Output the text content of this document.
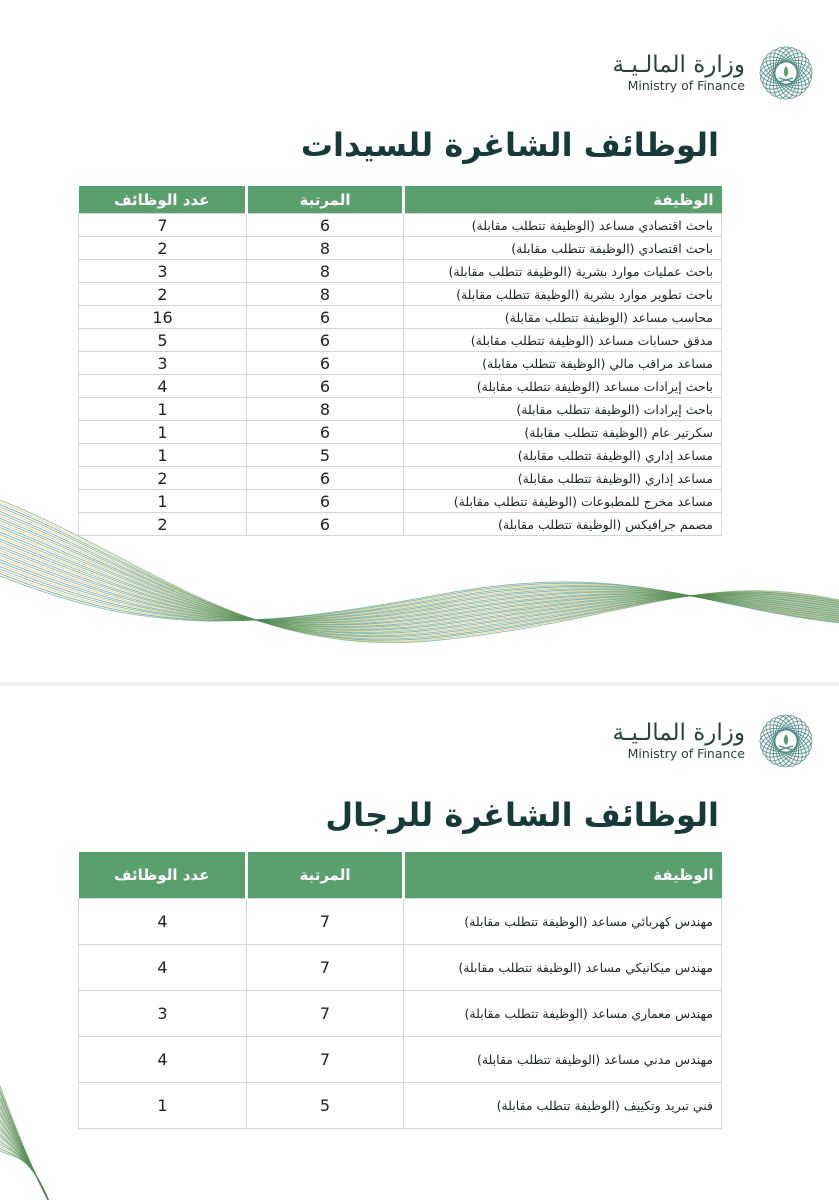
وزارة المالـيـة
Ministry of Finance
الوظائف الشاغرة للسيدات
الوظيفة	المرتبة	عدد الوظائف
باحث اقتصادي مساعد (الوظيفة تتطلب مقابلة)	6	7
باحث اقتصادي (الوظيفة تتطلب مقابلة)	8	2
باحث عمليات موارد بشرية (الوظيفة تتطلب مقابلة)	8	3
باحث تطوير موارد بشرية (الوظيفة تتطلب مقابلة)	8	2
محاسب مساعد (الوظيفة تتطلب مقابلة)	6	16
مدقق حسابات مساعد (الوظيفة تتطلب مقابلة)	6	5
مساعد مراقب مالي (الوظيفة تتطلب مقابلة)	6	3
باحث إيرادات مساعد (الوظيفة تتطلب مقابلة)	6	4
باحث إيرادات (الوظيفة تتطلب مقابلة)	8	1
سكرتير عام (الوظيفة تتطلب مقابلة)	6	1
مساعد إداري (الوظيفة تتطلب مقابلة)	5	1
مساعد إداري (الوظيفة تتطلب مقابلة)	6	2
مساعد مخرج للمطبوعات (الوظيفة تتطلب مقابلة)	6	1
مصمم جرافيكس (الوظيفة تتطلب مقابلة)	6	2
وزارة المالـيـة
Ministry of Finance
الوظائف الشاغرة للرجال
الوظيفة	المرتبة	عدد الوظائف
مهندس كهربائي مساعد (الوظيفة تتطلب مقابلة)	7	4
مهندس ميكانيكي مساعد (الوظيفة تتطلب مقابلة)	7	4
مهندس معماري مساعد (الوظيفة تتطلب مقابلة)	7	3
مهندس مدني مساعد (الوظيفة تتطلب مقابلة)	7	4
فني تبريد وتكييف (الوظيفة تتطلب مقابلة)	5	1
